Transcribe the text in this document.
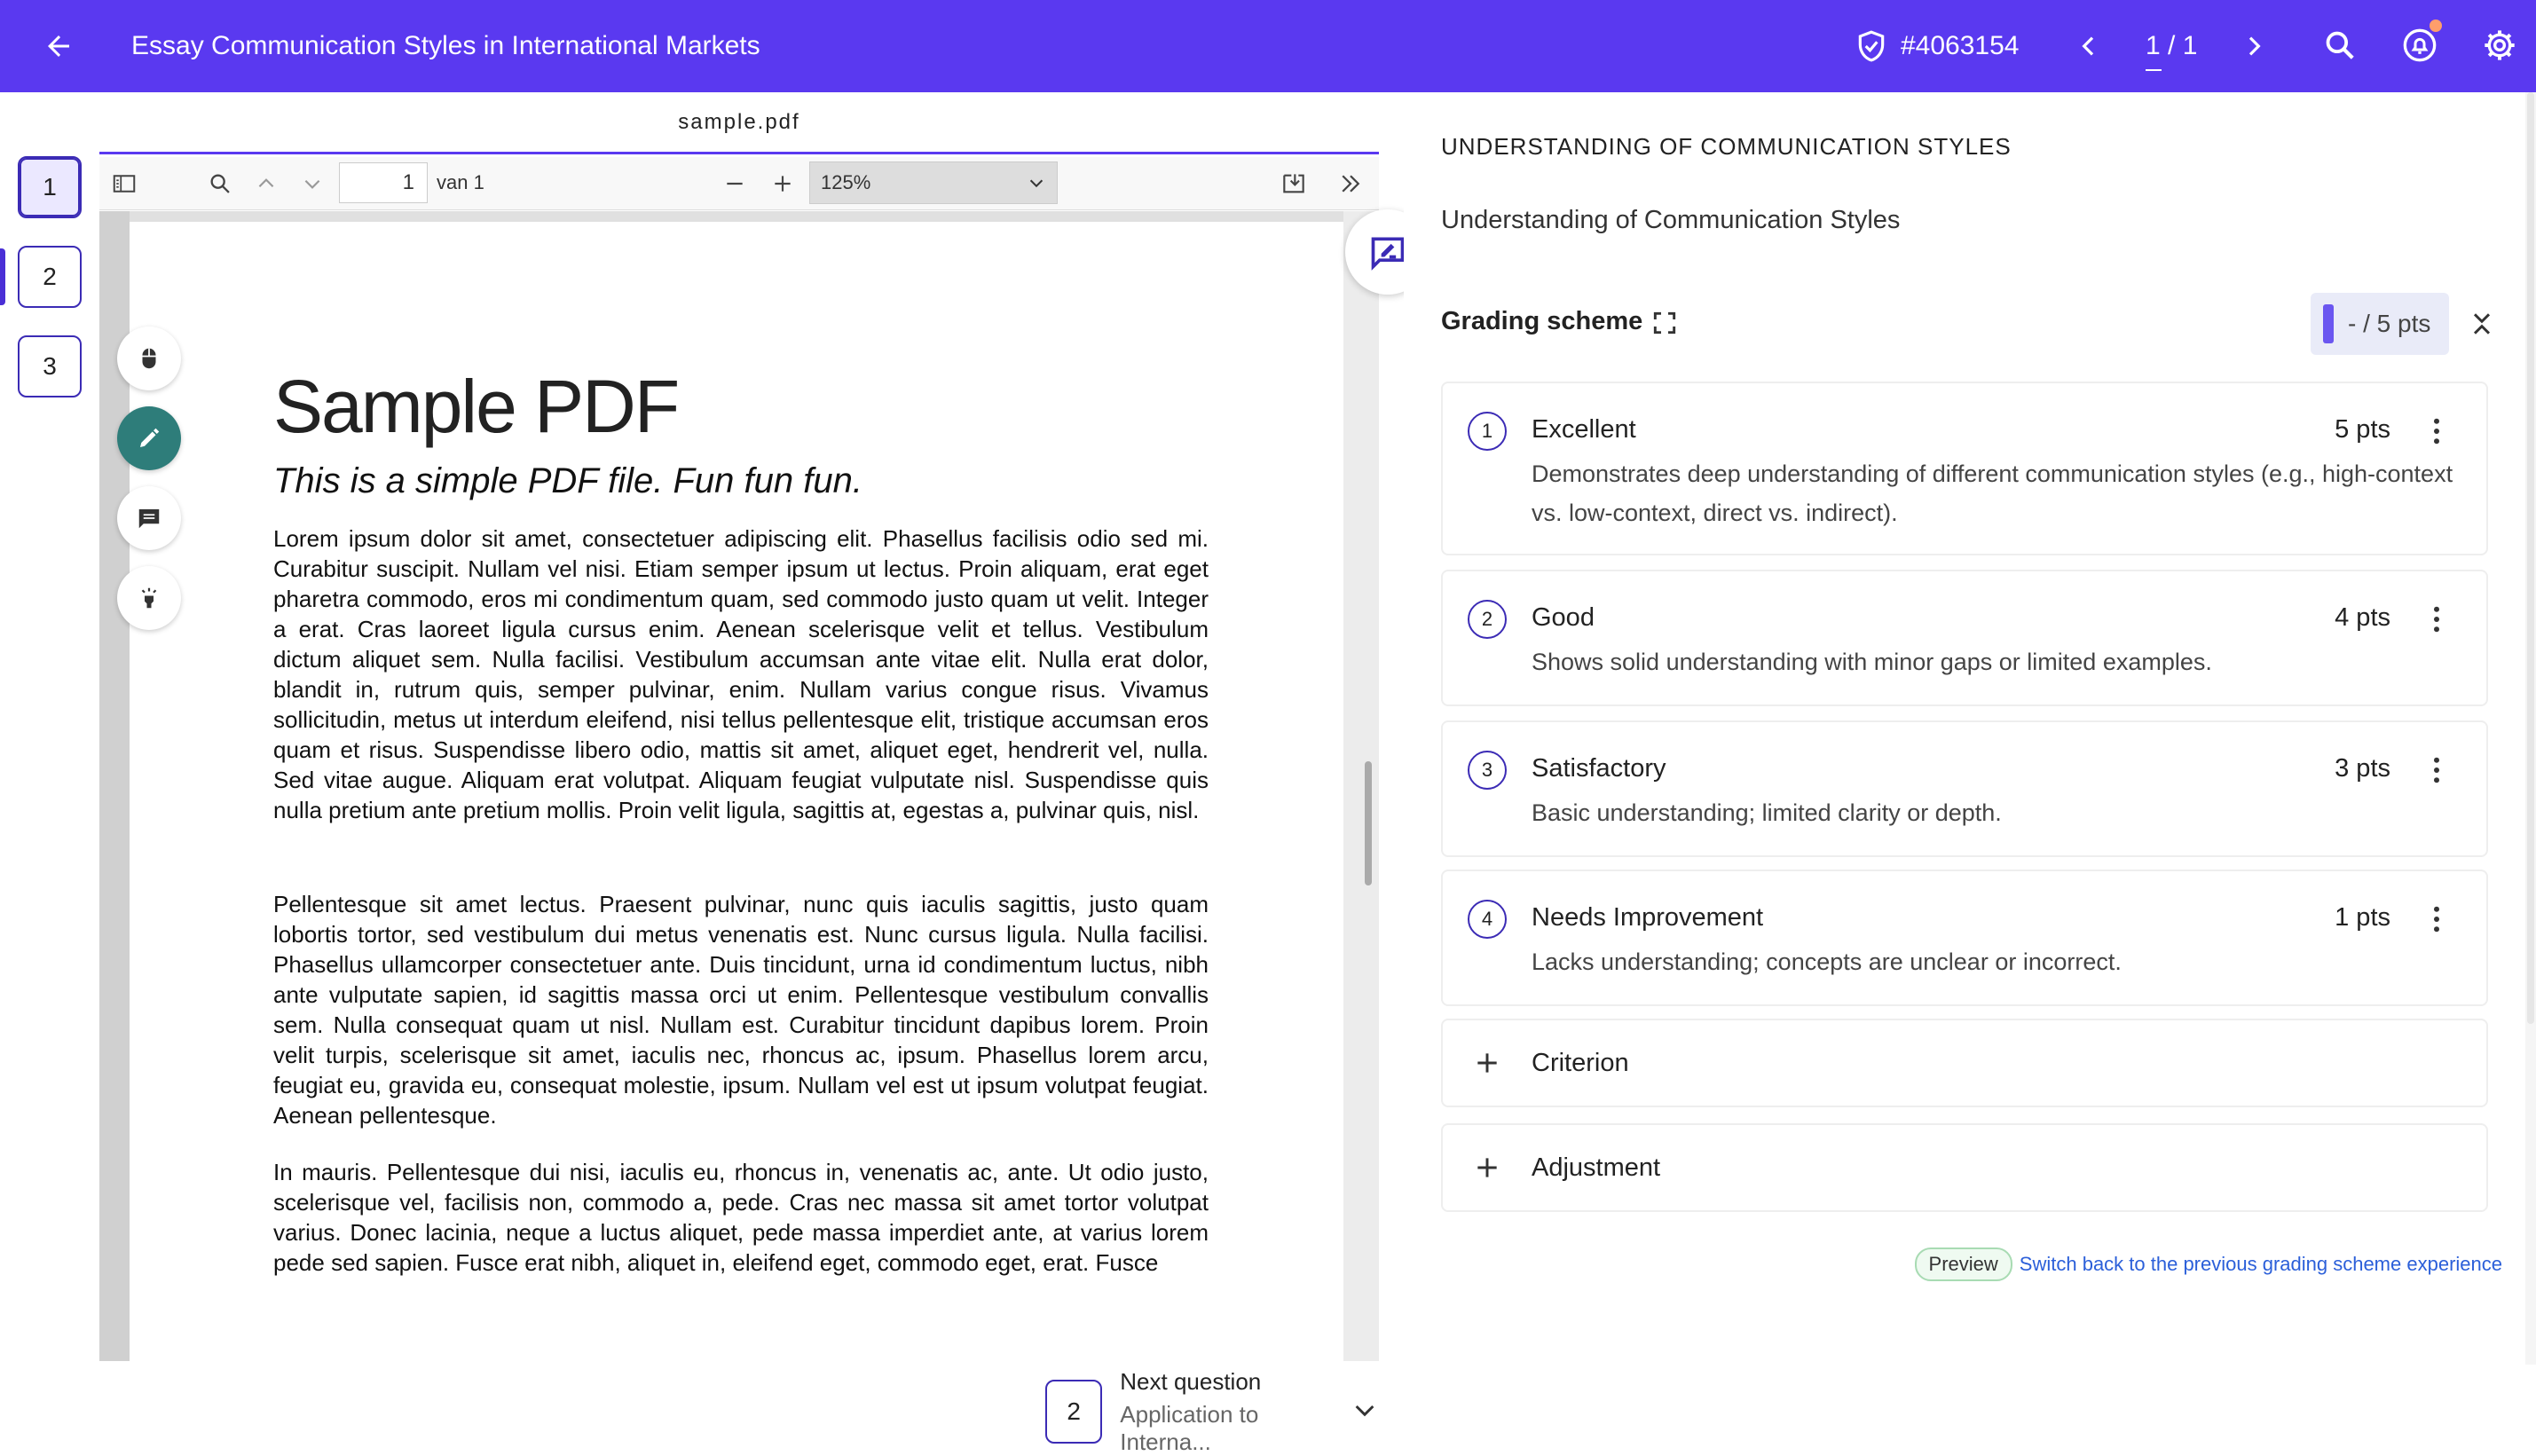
Essay Communication Styles in International Markets	#4063154	1 / 1
1
2
3
sample.pdf
1	van 1	125%
Sample PDF
This is a simple PDF file. Fun fun fun.
Lorem ipsum dolor sit amet, consectetuer adipiscing elit. Phasellus facilisis odio sed mi. Curabitur suscipit. Nullam vel nisi. Etiam semper ipsum ut lectus. Proin aliquam, erat eget pharetra commodo, eros mi condimentum quam, sed commodo justo quam ut velit. Integer a erat. Cras laoreet ligula cursus enim. Aenean scelerisque velit et tellus. Vestibulum dictum aliquet sem. Nulla facilisi. Vestibulum accumsan ante vitae elit. Nulla erat dolor, blandit in, rutrum quis, semper pulvinar, enim. Nullam varius congue risus. Vivamus sollicitudin, metus ut interdum eleifend, nisi tellus pellentesque elit, tristique accumsan eros quam et risus. Suspendisse libero odio, mattis sit amet, aliquet eget, hendrerit vel, nulla. Sed vitae augue. Aliquam erat volutpat. Aliquam feugiat vulputate nisl. Suspendisse quis nulla pretium ante pretium mollis. Proin velit ligula, sagittis at, egestas a, pulvinar quis, nisl.
Pellentesque sit amet lectus. Praesent pulvinar, nunc quis iaculis sagittis, justo quam lobortis tortor, sed vestibulum dui metus venenatis est. Nunc cursus ligula. Nulla facilisi. Phasellus ullamcorper consectetuer ante. Duis tincidunt, urna id condimentum luctus, nibh ante vulputate sapien, id sagittis massa orci ut enim. Pellentesque vestibulum convallis sem. Nulla consequat quam ut nisl. Nullam est. Curabitur tincidunt dapibus lorem. Proin velit turpis, scelerisque sit amet, iaculis nec, rhoncus ac, ipsum. Phasellus lorem arcu, feugiat eu, gravida eu, consequat molestie, ipsum. Nullam vel est ut ipsum volutpat feugiat. Aenean pellentesque.
In mauris. Pellentesque dui nisi, iaculis eu, rhoncus in, venenatis ac, ante. Ut odio justo, scelerisque vel, facilisis non, commodo a, pede. Cras nec massa sit amet tortor volutpat varius. Donec lacinia, neque a luctus aliquet, pede massa imperdiet ante, at varius lorem pede sed sapien. Fusce erat nibh, aliquet in, eleifend eget, commodo eget, erat. Fusce
2
Next question
Application to Interna...
UNDERSTANDING OF COMMUNICATION STYLES
Understanding of Communication Styles
Grading scheme	- / 5 pts
1	Excellent	5 pts
Demonstrates deep understanding of different communication styles (e.g., high-context vs. low-context, direct vs. indirect).
2	Good	4 pts
Shows solid understanding with minor gaps or limited examples.
3	Satisfactory	3 pts
Basic understanding; limited clarity or depth.
4	Needs Improvement	1 pts
Lacks understanding; concepts are unclear or incorrect.
Criterion
Adjustment
Preview	Switch back to the previous grading scheme experience
